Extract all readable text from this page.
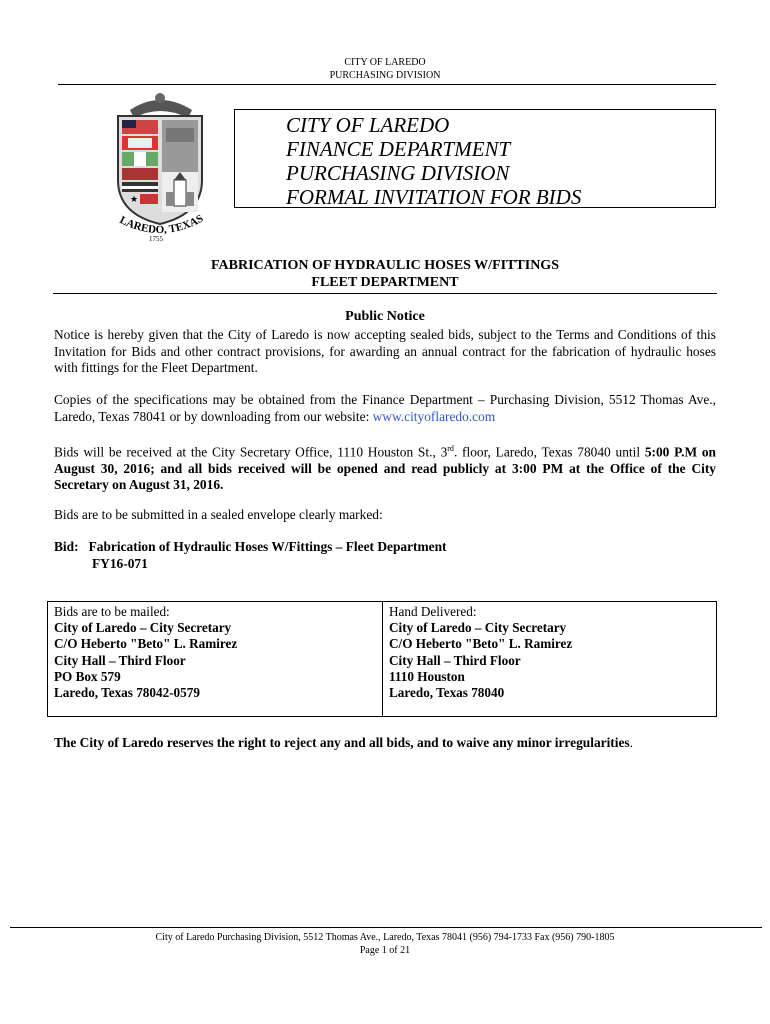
CITY OF LAREDO
PURCHASING DIVISION
★
LAREDO, TEXAS
1755
CITY OF LAREDO
FINANCE DEPARTMENT
PURCHASING DIVISION
FORMAL INVITATION FOR BIDS
FABRICATION OF HYDRAULIC HOSES W/FITTINGS
FLEET DEPARTMENT
Public Notice
Notice is hereby given that the City of Laredo is now accepting sealed bids, subject to the Terms and Conditions of this Invitation for Bids and other contract provisions, for awarding an annual contract for the fabrication of hydraulic hoses with fittings for the Fleet Department.
Copies of the specifications may be obtained from the Finance Department – Purchasing Division, 5512 Thomas Ave., Laredo, Texas 78041 or by downloading from our website: www.cityoflaredo.com
Bids will be received at the City Secretary Office, 1110 Houston St., 3rd. floor, Laredo, Texas 78040 until 5:00 P.M on August 30, 2016; and all bids received will be opened and read publicly at 3:00 PM at the Office of the City Secretary on August 31, 2016.
Bids are to be submitted in a sealed envelope clearly marked:
Bid: Fabrication of Hydraulic Hoses W/Fittings – Fleet Department
FY16-071
Bids are to be mailed:
City of Laredo – City Secretary
C/O Heberto "Beto" L. Ramirez
City Hall – Third Floor
PO Box 579
Laredo, Texas 78042-0579
Hand Delivered:
City of Laredo – City Secretary
C/O Heberto "Beto" L. Ramirez
City Hall – Third Floor
1110 Houston
Laredo, Texas 78040
The City of Laredo reserves the right to reject any and all bids, and to waive any minor irregularities.
City of Laredo Purchasing Division, 5512 Thomas Ave., Laredo, Texas 78041 (956) 794-1733 Fax (956) 790-1805
Page 1 of 21
